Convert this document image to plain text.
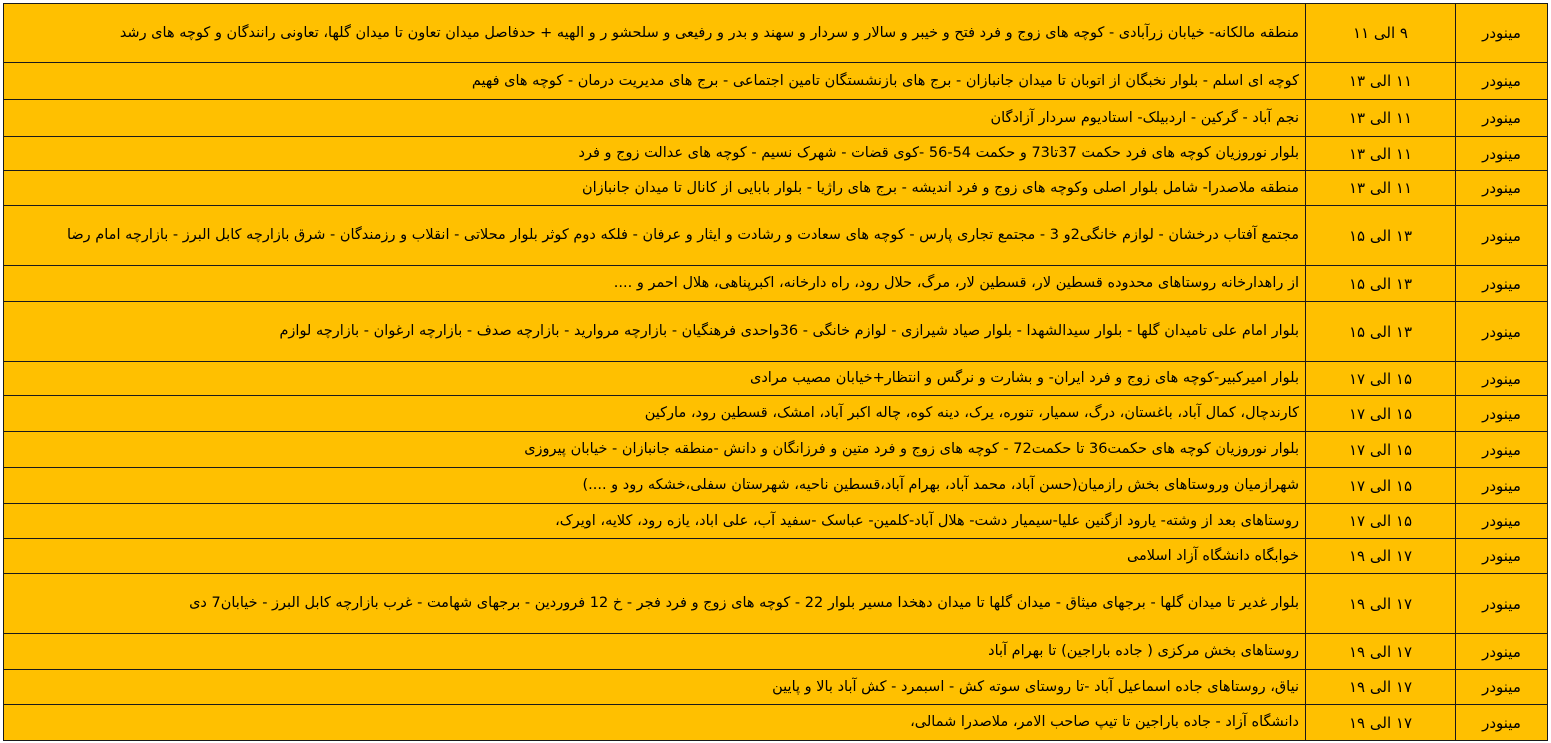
مینودر	۹ الی ۱۱	منطقه مالکانه- خیابان زرآبادی - کوچه های زوج و فرد فتح و خیبر و سالار و سردار و سهند و بدر و رفیعی و سلحشو ر و الهیه + حدفاصل میدان تعاون تا میدان گلها، تعاونی رانندگان و کوچه های رشد
مینودر	۱۱ الی ۱۳	کوچه ای اسلم - بلوار نخبگان از اتوبان تا میدان جانبازان - برج های بازنشستگان تامین اجتماعی - برج های مدیریت درمان - کوچه های فهیم
مینودر	۱۱ الی ۱۳	نجم آباد - گرکین - اردبیلک- استادیوم سردار آزادگان
مینودر	۱۱ الی ۱۳	بلوار نوروزیان کوچه های فرد حکمت 37تا73 و حکمت 54-56 -کوی قضات - شهرک نسیم - کوچه های عدالت زوج و فرد
مینودر	۱۱ الی ۱۳	منطقه ملاصدرا- شامل بلوار اصلی وکوچه های زوج و فرد اندیشه - برج های راژیا - بلوار بابایی از کانال تا میدان جانبازان
مینودر	۱۳ الی ۱۵	مجتمع آفتاب درخشان - لوازم خانگی2و 3 - مجتمع تجاری پارس - کوچه های سعادت و رشادت و ایثار و عرفان - فلکه دوم کوثر بلوار محلاتی - انقلاب و رزمندگان - شرق بازارچه کابل البرز - بازارچه امام رضا
مینودر	۱۳ الی ۱۵	از راهدارخانه روستاهای محدوده قسطین لار، قسطین لار، مرگ، حلال رود، راه دارخانه، اکبرپناهی، هلال احمر و ....
مینودر	۱۳ الی ۱۵	بلوار امام علی تامیدان گلها - بلوار سیدالشهدا - بلوار صیاد شیرازی - لوازم خانگی - 36واحدی فرهنگیان - بازارچه مرواريد - بازارچه صدف - بازارچه ارغوان - بازارچه لوازم
مینودر	۱۵ الی ۱۷	بلوار امیرکبیر-کوچه های زوج و فرد ایران- و بشارت و نرگس و انتظار+خیابان مصیب مرادی
مینودر	۱۵ الی ۱۷	کارندچال، کمال آباد، باغستان، درگ، سمیار، تنوره، یرک، دینه کوه، چاله اکبر آباد، امشک، قسطین رود، مارکین
مینودر	۱۵ الی ۱۷	بلوار نوروزیان کوچه های حکمت36 تا حکمت72 - کوچه های زوج و فرد متین و فرزانگان و دانش -منطقه جانبازان - خیابان پیروزی
مینودر	۱۵ الی ۱۷	شهرازمیان وروستاهای بخش رازمیان(حسن آباد، محمد آباد، بهرام آباد،قسطین ناحیه، شهرستان سفلی،خشکه رود و ....)
مینودر	۱۵ الی ۱۷	روستاهای بعد از وشته- یارود ازگنین علیا-سیمیار دشت- هلال آباد-کلمین- عباسک -سفید آب، علی اباد، یازه رود، کلایه، اویرک،
مینودر	۱۷ الی ۱۹	خوابگاه دانشگاه آزاد اسلامی
مینودر	۱۷ الی ۱۹	بلوار غدیر تا میدان گلها - برجهای میثاق - میدان گلها تا میدان دهخدا مسیر بلوار 22 - کوچه های زوج و فرد فجر - خ 12 فروردین - برجهای شهامت - غرب بازارچه کابل البرز - خیابان7 دی
مینودر	۱۷ الی ۱۹	روستاهای بخش مرکزی ( جاده باراجین) تا بهرام آباد
مینودر	۱۷ الی ۱۹	نیاق، روستاهای جاده اسماعیل آباد -تا روستای سوته کش - اسبمرد - کش آباد بالا و پایین
مینودر	۱۷ الی ۱۹	دانشگاه آزاد - جاده باراجین تا تیپ صاحب الامر، ملاصدرا شمالی،
